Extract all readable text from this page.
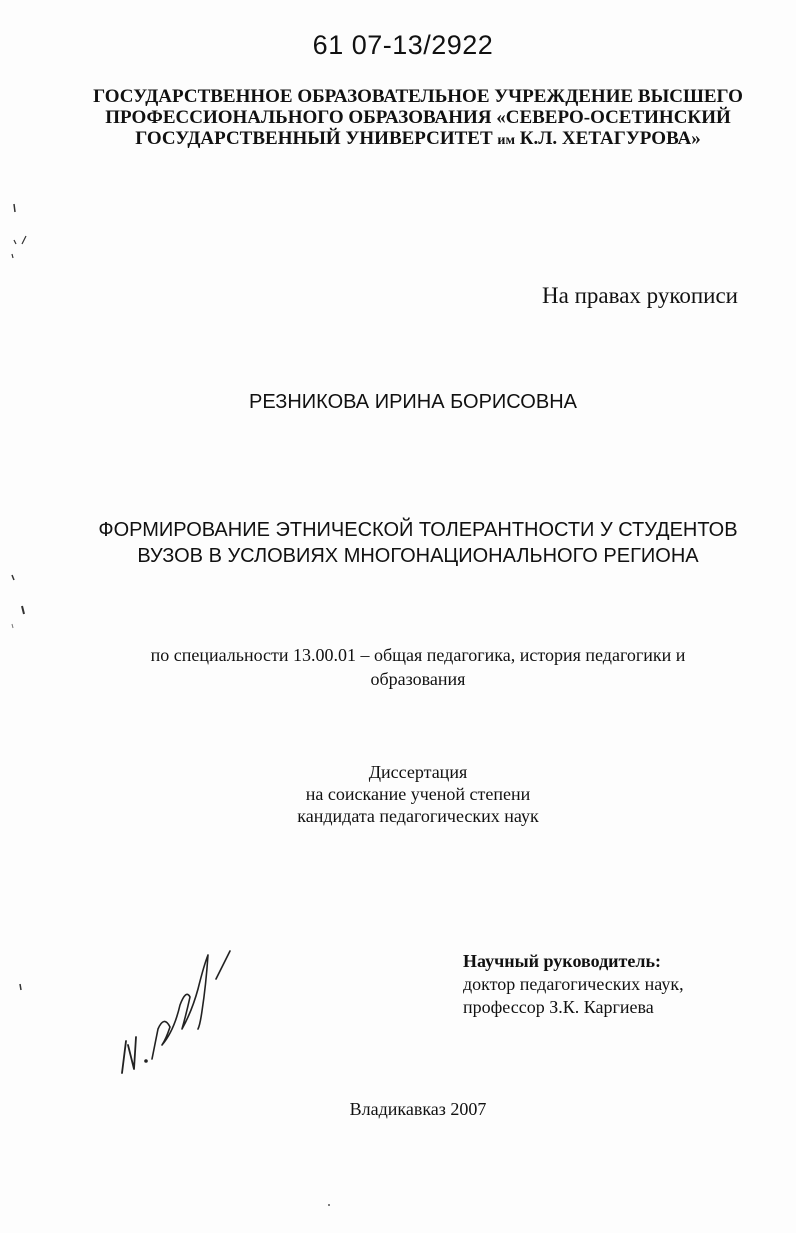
61 07-13/2922
ГОСУДАРСТВЕННОЕ ОБРАЗОВАТЕЛЬНОЕ УЧРЕЖДЕНИЕ ВЫСШЕГО
ПРОФЕССИОНАЛЬНОГО ОБРАЗОВАНИЯ «СЕВЕРО-ОСЕТИНСКИЙ
ГОСУДАРСТВЕННЫЙ УНИВЕРСИТЕТ им К.Л. ХЕТАГУРОВА»
На правах рукописи
РЕЗНИКОВА ИРИНА БОРИСОВНА
ФОРМИРОВАНИЕ ЭТНИЧЕСКОЙ ТОЛЕРАНТНОСТИ У СТУДЕНТОВ
ВУЗОВ В УСЛОВИЯХ МНОГОНАЦИОНАЛЬНОГО РЕГИОНА
по специальности 13.00.01 – общая педагогика, история педагогики и
образования
Диссертация
на соискание ученой степени
кандидата педагогических наук
Научный руководитель:
доктор педагогических наук,
профессор З.К. Каргиева
Владикавказ 2007
